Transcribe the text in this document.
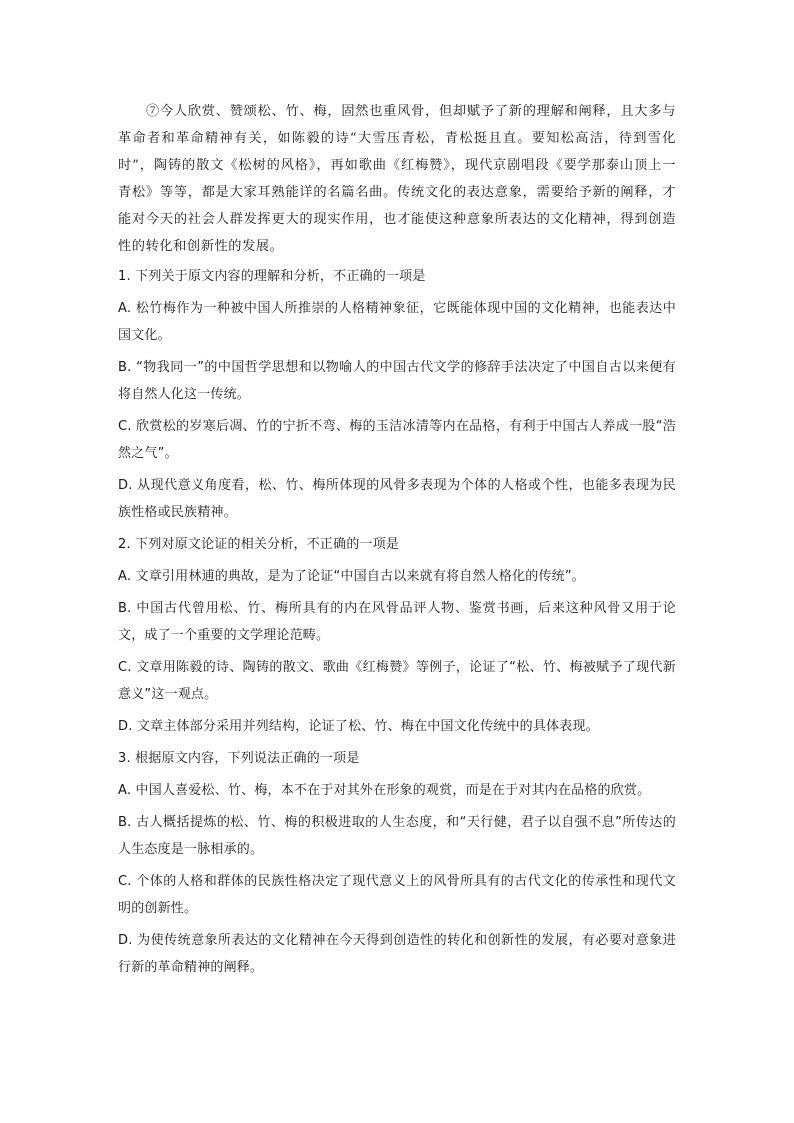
⑦今人欣赏、赞颂松、竹、梅，固然也重风骨，但却赋予了新的理解和阐释，且大多与革命者和革命精神有关，如陈毅的诗“大雪压青松，青松挺且直。要知松高洁，待到雪化时”，陶铸的散文《松树的风格》，再如歌曲《红梅赞》，现代京剧唱段《要学那泰山顶上一青松》等等，都是大家耳熟能详的名篇名曲。传统文化的表达意象，需要给予新的阐释，才能对今天的社会人群发挥更大的现实作用，也才能使这种意象所表达的文化精神，得到创造性的转化和创新性的发展。

1. 下列关于原文内容的理解和分析，不正确的一项是

A. 松竹梅作为一种被中国人所推崇的人格精神象征，它既能体现中国的文化精神，也能表达中国文化。

B. “物我同一”的中国哲学思想和以物喻人的中国古代文学的修辞手法决定了中国自古以来便有将自然人化这一传统。

C. 欣赏松的岁寒后凋、竹的宁折不弯、梅的玉洁冰清等内在品格，有利于中国古人养成一股“浩然之气”。

D. 从现代意义角度看，松、竹、梅所体现的风骨多表现为个体的人格或个性，也能多表现为民族性格或民族精神。

2. 下列对原文论证的相关分析，不正确的一项是

A. 文章引用林逋的典故，是为了论证“中国自古以来就有将自然人格化的传统”。

B. 中国古代曾用松、竹、梅所具有的内在风骨品评人物、鉴赏书画，后来这种风骨又用于论文，成了一个重要的文学理论范畴。

C. 文章用陈毅的诗、陶铸的散文、歌曲《红梅赞》等例子，论证了“松、竹、梅被赋予了现代新意义”这一观点。

D. 文章主体部分采用并列结构，论证了松、竹、梅在中国文化传统中的具体表现。

3. 根据原文内容，下列说法正确的一项是

A. 中国人喜爱松、竹、梅，本不在于对其外在形象的观赏，而是在于对其内在品格的欣赏。

B. 古人概括提炼的松、竹、梅的积极进取的人生态度，和“天行健，君子以自强不息”所传达的人生态度是一脉相承的。

C. 个体的人格和群体的民族性格决定了现代意义上的风骨所具有的古代文化的传承性和现代文明的创新性。

D. 为使传统意象所表达的文化精神在今天得到创造性的转化和创新性的发展，有必要对意象进行新的革命精神的阐释。
